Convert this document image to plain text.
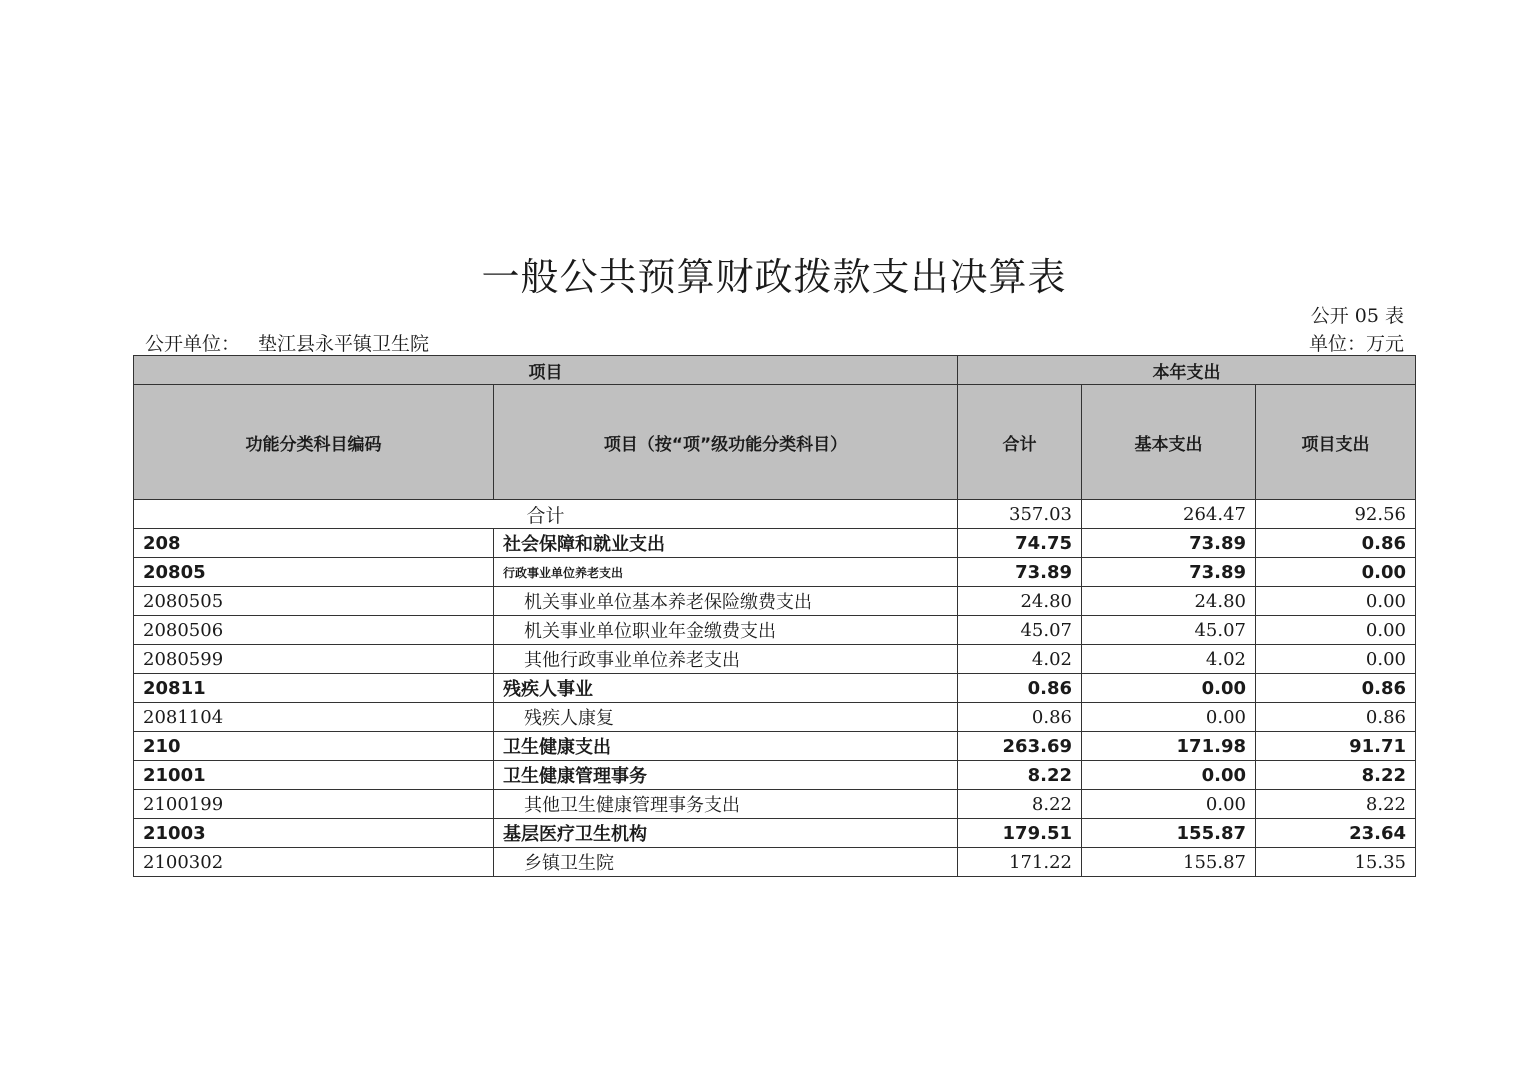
一般公共预算财政拨款支出决算表
公开 05 表
公开单位： 垫江县永平镇卫生院	单位：万元
项目		本年支出		
功能分类科目编码	项目（按“项”级功能分类科目）	合计	基本支出	项目支出
合计		357.03	264.47	92.56
208	社会保障和就业支出	74.75	73.89	0.86
20805	行政事业单位养老支出	73.89	73.89	0.00
2080505	机关事业单位基本养老保险缴费支出	24.80	24.80	0.00
2080506	机关事业单位职业年金缴费支出	45.07	45.07	0.00
2080599	其他行政事业单位养老支出	4.02	4.02	0.00
20811	残疾人事业	0.86	0.00	0.86
2081104	残疾人康复	0.86	0.00	0.86
210	卫生健康支出	263.69	171.98	91.71
21001	卫生健康管理事务	8.22	0.00	8.22
2100199	其他卫生健康管理事务支出	8.22	0.00	8.22
21003	基层医疗卫生机构	179.51	155.87	23.64
2100302	乡镇卫生院	171.22	155.87	15.35
